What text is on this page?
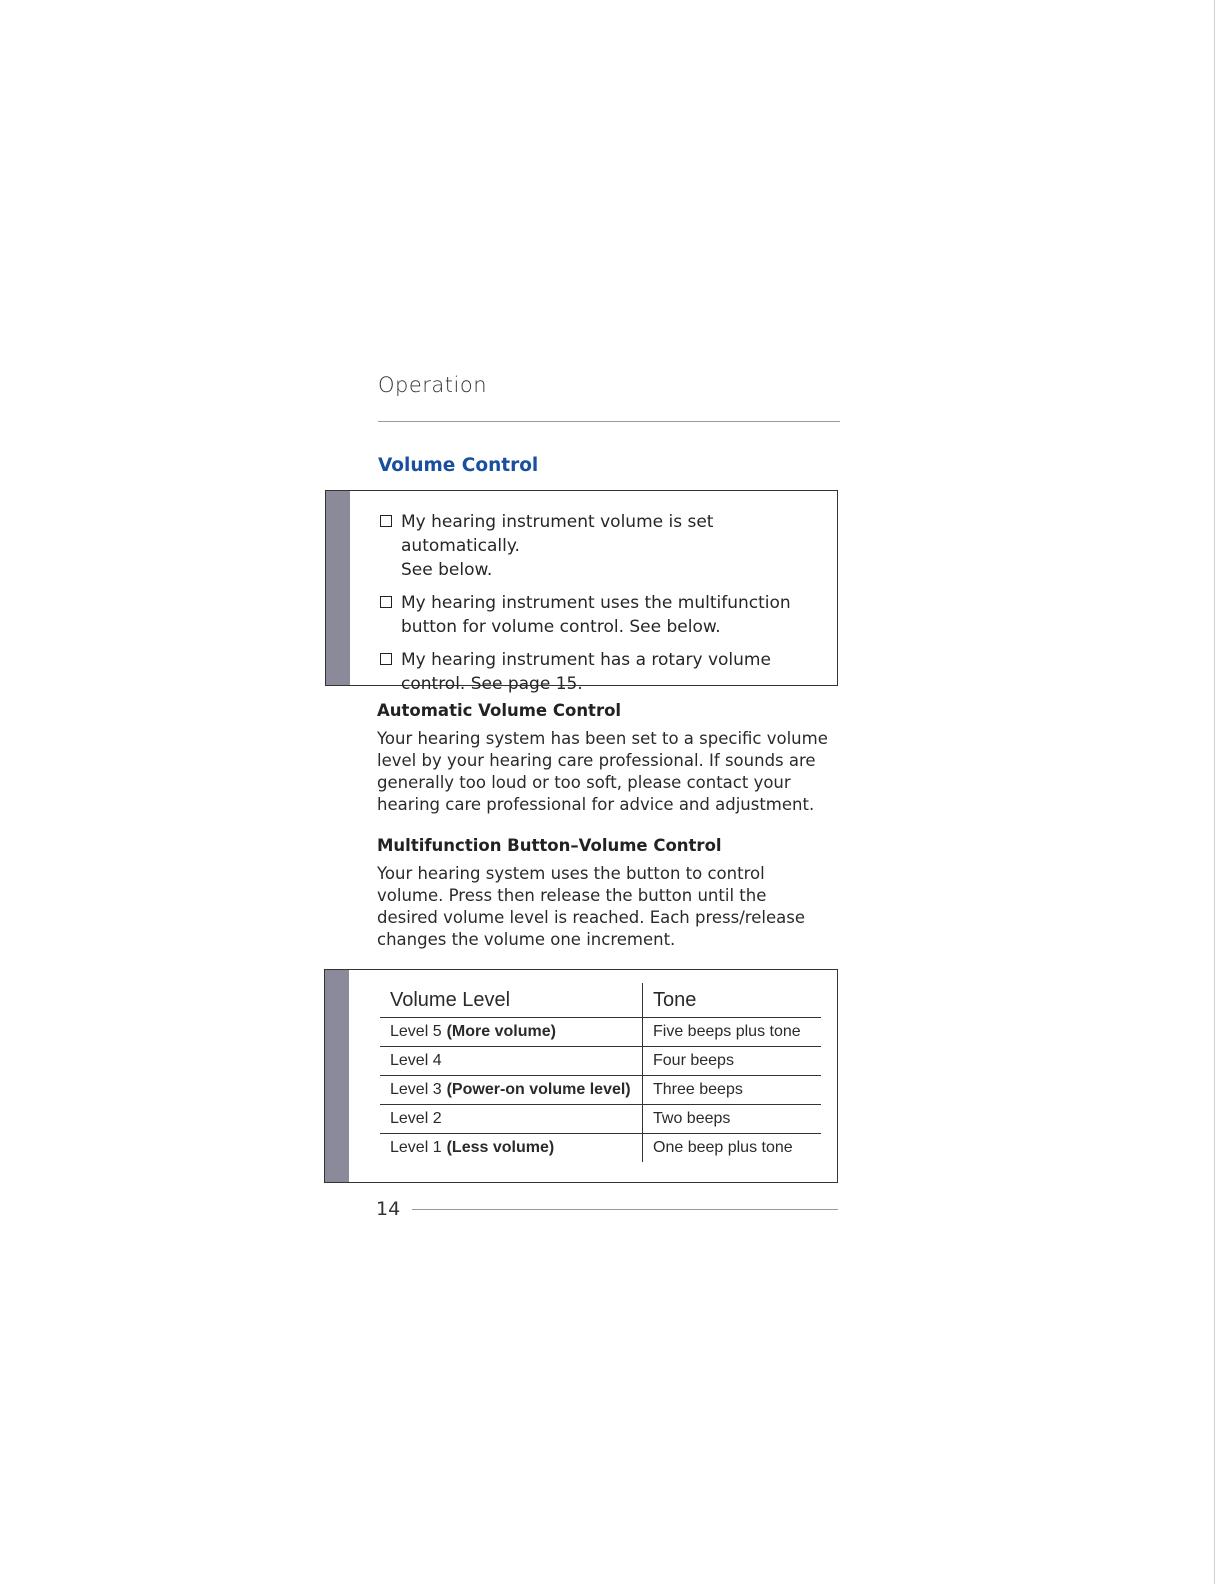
Operation
Volume Control
My hearing instrument volume is set automatically.
See below.
My hearing instrument uses the multifunction
button for volume control. See below.
My hearing instrument has a rotary volume
control. See page 15.
Automatic Volume Control

Your hearing system has been set to a specific volume
level by your hearing care professional. If sounds are
generally too loud or too soft, please contact your
hearing care professional for advice and adjustment.

Multifunction Button–Volume Control

Your hearing system uses the button to control
volume. Press then release the button until the
desired volume level is reached. Each press/release
changes the volume one increment.

Volume Level	Tone
Level 5 (More volume)	Five beeps plus tone
Level 4	Four beeps
Level 3 (Power-on volume level)	Three beeps
Level 2	Two beeps
Level 1 (Less volume)	One beep plus tone
14
